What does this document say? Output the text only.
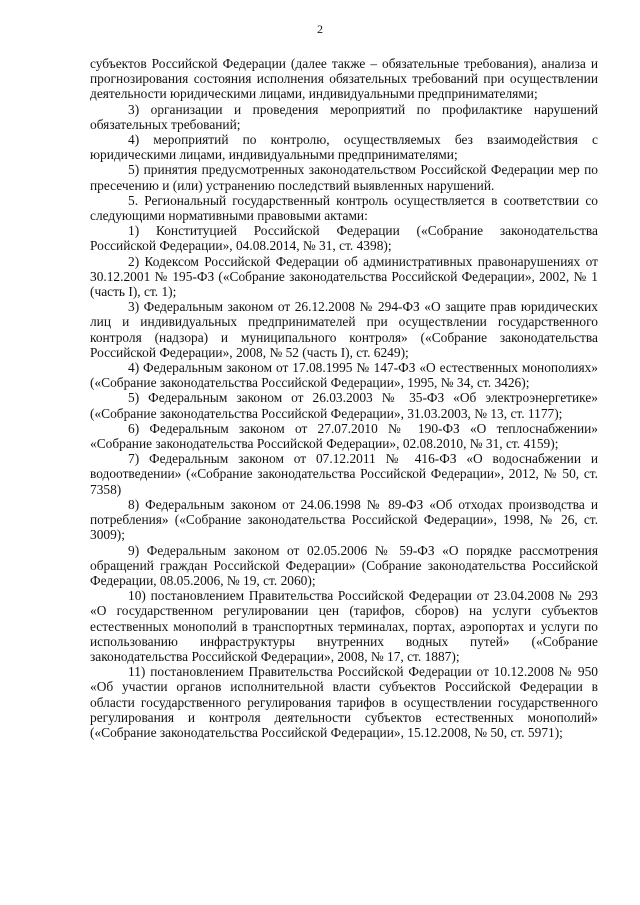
2

субъектов Российской Федерации (далее также – обязательные требования), анализа и прогнозирования состояния исполнения обязательных требований при осуществлении деятельности юридическими лицами, индивидуальными предпринимателями;

3) организации и проведения мероприятий по профилактике нарушений обязательных требований;

4) мероприятий по контролю, осуществляемых без взаимодействия с юридическими лицами, индивидуальными предпринимателями;

5) принятия предусмотренных законодательством Российской Федерации мер по пресечению и (или) устранению последствий выявленных нарушений.

5. Региональный государственный контроль осуществляется в соответствии со следующими нормативными правовыми актами:

1) Конституцией Российской Федерации («Собрание законодательства Российской Федерации», 04.08.2014, № 31, ст. 4398);

2) Кодексом Российской Федерации об административных правонарушениях от 30.12.2001 № 195-ФЗ («Собрание законодательства Российской Федерации», 2002, № 1 (часть I), ст. 1);

3) Федеральным законом от 26.12.2008 № 294-ФЗ «О защите прав юридических лиц и индивидуальных предпринимателей при осуществлении государственного контроля (надзора) и муниципального контроля» («Собрание законодательства Российской Федерации», 2008, № 52 (часть I), ст. 6249);

4) Федеральным законом от 17.08.1995 № 147-ФЗ «О естественных монополиях» («Собрание законодательства Российской Федерации», 1995, № 34, ст. 3426);

5) Федеральным законом от 26.03.2003 № 35-ФЗ «Об электроэнергетике» («Собрание законодательства Российской Федерации», 31.03.2003, № 13, ст. 1177);

6) Федеральным законом от 27.07.2010 № 190-ФЗ «О теплоснабжении» «Собрание законодательства Российской Федерации», 02.08.2010, № 31, ст. 4159);

7) Федеральным законом от 07.12.2011 № 416-ФЗ «О водоснабжении и водоотведении» («Собрание законодательства Российской Федерации», 2012, № 50, ст. 7358)

8) Федеральным законом от 24.06.1998 № 89-ФЗ «Об отходах производства и потребления» («Собрание законодательства Российской Федерации», 1998, № 26, ст. 3009);

9) Федеральным законом от 02.05.2006 № 59-ФЗ «О порядке рассмотрения обращений граждан Российской Федерации» (Собрание законодательства Российской Федерации, 08.05.2006, № 19, ст. 2060);

10) постановлением Правительства Российской Федерации от 23.04.2008 № 293 «О государственном регулировании цен (тарифов, сборов) на услуги субъектов естественных монополий в транспортных терминалах, портах, аэропортах и услуги по использованию инфраструктуры внутренних водных путей» («Собрание законодательства Российской Федерации», 2008, № 17, ст. 1887);

11) постановлением Правительства Российской Федерации от 10.12.2008 № 950 «Об участии органов исполнительной власти субъектов Российской Федерации в области государственного регулирования тарифов в осуществлении государственного регулирования и контроля деятельности субъектов естественных монополий» («Собрание законодательства Российской Федерации», 15.12.2008, № 50, ст. 5971);
